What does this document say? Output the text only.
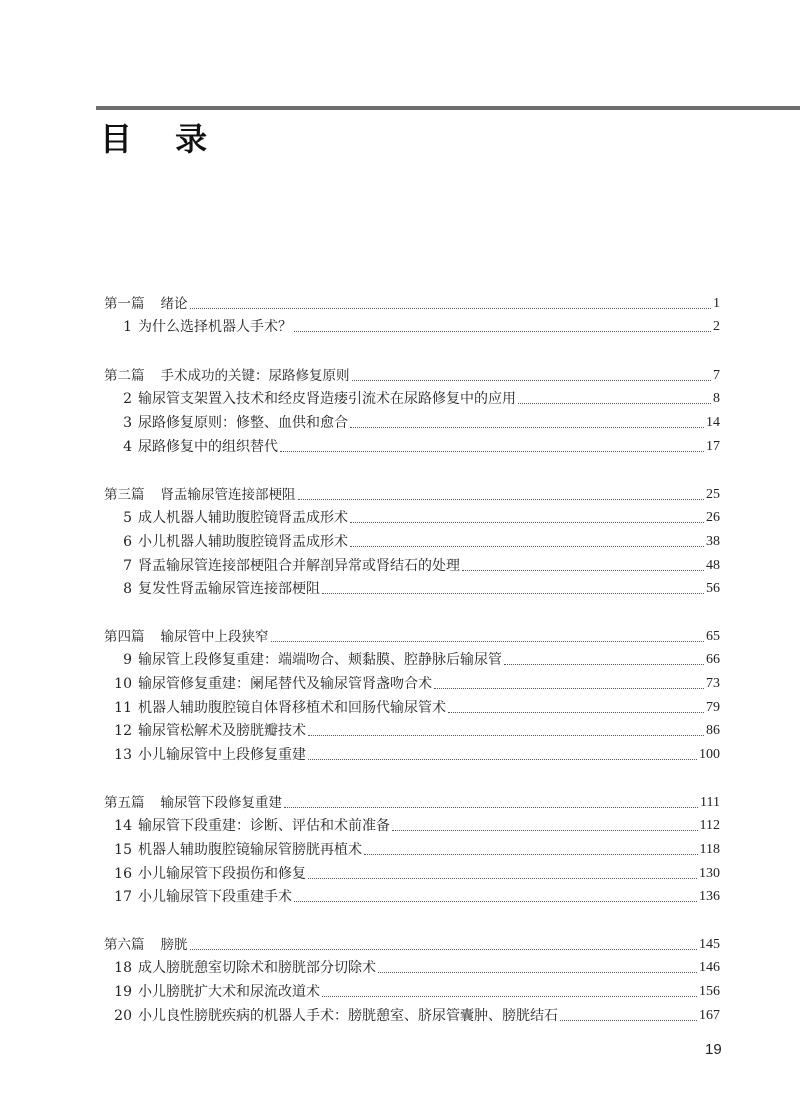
目 录
第一篇 绪论	1
1 为什么选择机器人手术？	2
第二篇 手术成功的关键：尿路修复原则	7
2 输尿管支架置入技术和经皮肾造瘘引流术在尿路修复中的应用	8
3 尿路修复原则：修整、血供和愈合	14
4 尿路修复中的组织替代	17
第三篇 肾盂输尿管连接部梗阻	25
5 成人机器人辅助腹腔镜肾盂成形术	26
6 小儿机器人辅助腹腔镜肾盂成形术	38
7 肾盂输尿管连接部梗阻合并解剖异常或肾结石的处理	48
8 复发性肾盂输尿管连接部梗阻	56
第四篇 输尿管中上段狭窄	65
9 输尿管上段修复重建：端端吻合、颊黏膜、腔静脉后输尿管	66
10 输尿管修复重建：阑尾替代及输尿管肾盏吻合术	73
11 机器人辅助腹腔镜自体肾移植术和回肠代输尿管术	79
12 输尿管松解术及膀胱瓣技术	86
13 小儿输尿管中上段修复重建	100
第五篇 输尿管下段修复重建	111
14 输尿管下段重建：诊断、评估和术前准备	112
15 机器人辅助腹腔镜输尿管膀胱再植术	118
16 小儿输尿管下段损伤和修复	130
17 小儿输尿管下段重建手术	136
第六篇 膀胱	145
18 成人膀胱憩室切除术和膀胱部分切除术	146
19 小儿膀胱扩大术和尿流改道术	156
20 小儿良性膀胱疾病的机器人手术：膀胱憩室、脐尿管囊肿、膀胱结石	167
19
